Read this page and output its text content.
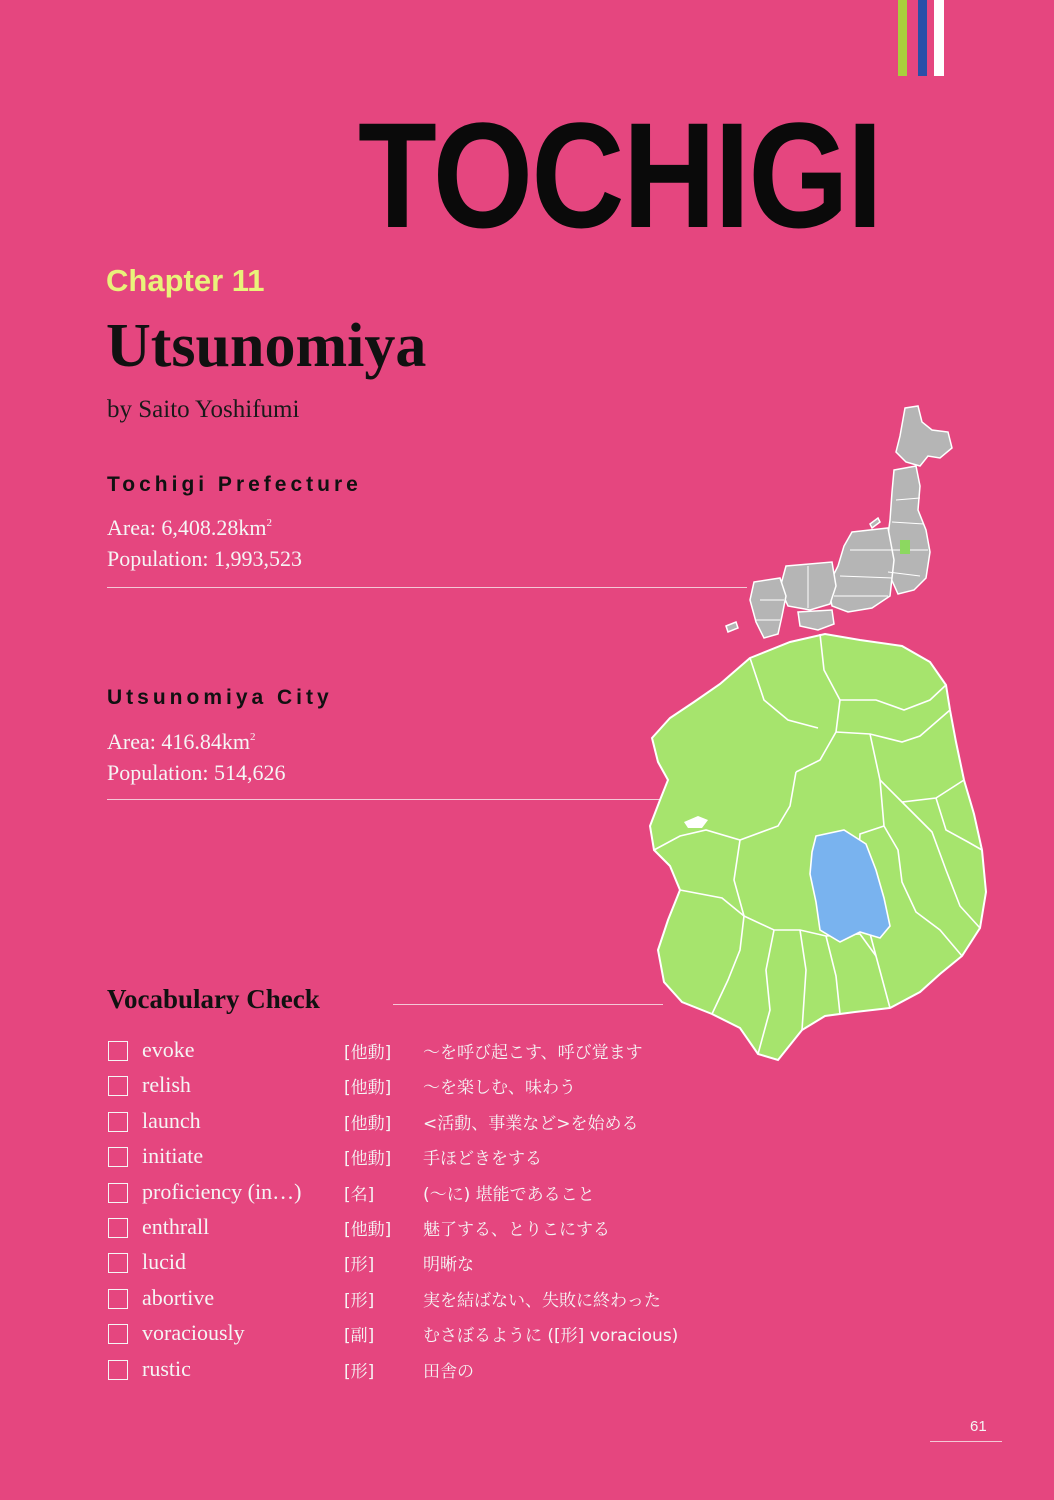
TOCHIGI
Chapter 11
Utsunomiya
by Saito Yoshifumi
Tochigi Prefecture
Area: $6,408.28km^2$
Population: 1,993,523
Utsunomiya City
Area: $416.84km^2$
Population: 514,626
Vocabulary Check
evoke	[他動] 〜を呼び起こす、呼び覚ます
relish	[他動] 〜を楽しむ、味わう
launch	[他動] <活動、事業など>を始める
initiate	[他動] 手ほどきをする
proficiency (in…)	[名]	(〜に) 堪能であること
enthrall	[他動] 魅了する、とりこにする
lucid	[形]	明晰な
abortive	[形]	実を結ばない、失敗に終わった
voraciously	[副]	むさぼるように ([形] voracious)
rustic	[形]	田舎の
61
